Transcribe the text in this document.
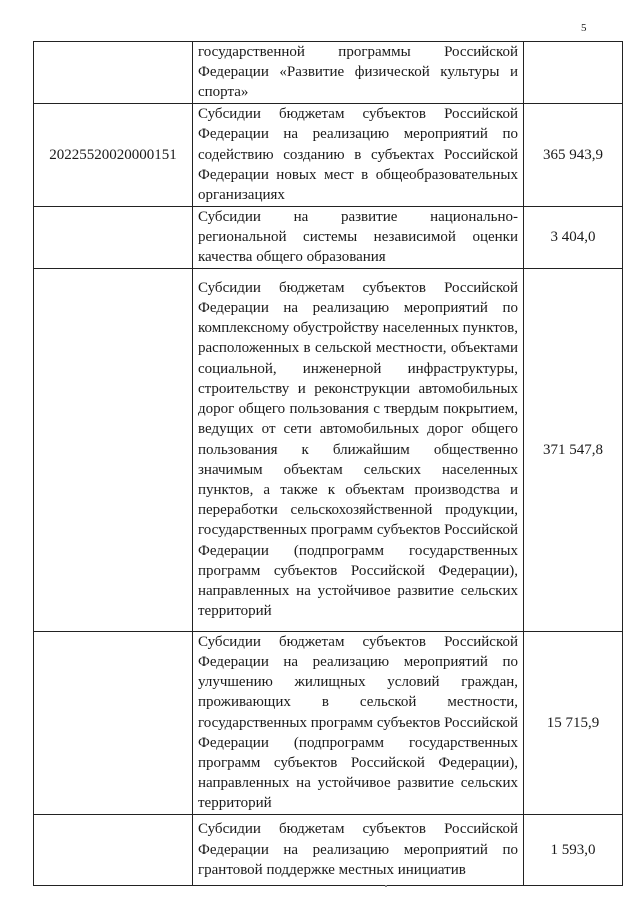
5
	государственной программы Российской Федерации «Развитие физической культуры и спорта»	
20225520020000151	Субсидии бюджетам субъектов Российской Федерации на реализацию мероприятий по содействию созданию в субъектах Российской Федерации новых мест в общеобразовательных организациях	365 943,9
	Субсидии на развитие национально-региональной системы независимой оценки качества общего образования	3 404,0
	Субсидии бюджетам субъектов Российской Федерации на реализацию мероприятий по комплексному обустройству населенных пунктов, расположенных в сельской местности, объектами социальной, инженерной инфраструктуры, строительству и реконструкции автомобильных дорог общего пользования с твердым покрытием, ведущих от сети автомобильных дорог общего пользования к ближайшим общественно значимым объектам сельских населенных пунктов, а также к объектам производства и переработки сельскохозяйственной продукции, государственных программ субъектов Российской Федерации (подпрограмм государственных программ субъектов Российской Федерации), направленных на устойчивое развитие сельских территорий	371 547,8
	Субсидии бюджетам субъектов Российской Федерации на реализацию мероприятий по улучшению жилищных условий граждан, проживающих в сельской местности, государственных программ субъектов Российской Федерации (подпрограмм государственных программ субъектов Российской Федерации), направленных на устойчивое развитие сельских территорий	15 715,9
	Субсидии бюджетам субъектов Российской Федерации на реализацию мероприятий по грантовой поддержке местных инициатив	1 593,0
